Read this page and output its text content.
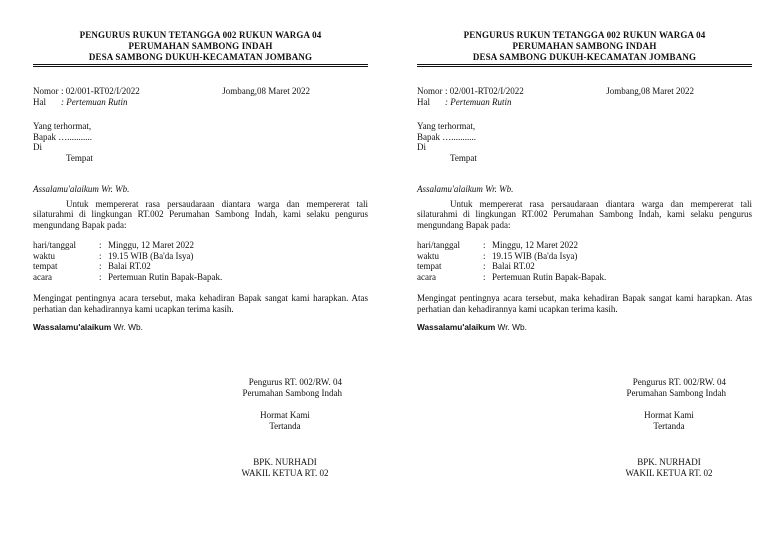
PENGURUS RUKUN TETANGGA 002 RUKUN WARGA 04
PERUMAHAN SAMBONG INDAH
DESA SAMBONG DUKUH-KECAMATAN JOMBANG
Nomor : 02/001-RT02/I/2022	Jombang,08 Maret 2022
Hal	: Pertemuan Rutin
Yang terhormat,
Bapak …...........
Di
Tempat
Assalamu'alaikum Wr. Wb.
Untuk mempererat rasa persaudaraan diantara warga dan mempererat tali silaturahmi di lingkungan RT.002 Perumahan Sambong Indah, kami selaku pengurus mengundang Bapak pada:
hari/tanggal	: Minggu, 12 Maret 2022
waktu	: 19.15 WIB (Ba'da Isya)
tempat	: Balai RT.02
acara	: Pertemuan Rutin Bapak-Bapak.
Mengingat pentingnya acara tersebut, maka kehadiran Bapak sangat kami harapkan. Atas perhatian dan kehadirannya kami ucapkan terima kasih.
Wassalamu'alaikum Wr. Wb.
Pengurus RT. 002/RW. 04
Perumahan Sambong Indah
Hormat Kami
Tertanda
BPK. NURHADI
WAKIL KETUA RT. 02
PENGURUS RUKUN TETANGGA 002 RUKUN WARGA 04
PERUMAHAN SAMBONG INDAH
DESA SAMBONG DUKUH-KECAMATAN JOMBANG
Nomor : 02/001-RT02/I/2022	Jombang,08 Maret 2022
Hal	: Pertemuan Rutin
Yang terhormat,
Bapak …...........
Di
Tempat
Assalamu'alaikum Wr. Wb.
Untuk mempererat rasa persaudaraan diantara warga dan mempererat tali silaturahmi di lingkungan RT.002 Perumahan Sambong Indah, kami selaku pengurus mengundang Bapak pada:
hari/tanggal	: Minggu, 12 Maret 2022
waktu	: 19.15 WIB (Ba'da Isya)
tempat	: Balai RT.02
acara	: Pertemuan Rutin Bapak-Bapak.
Mengingat pentingnya acara tersebut, maka kehadiran Bapak sangat kami harapkan. Atas perhatian dan kehadirannya kami ucapkan terima kasih.
Wassalamu'alaikum Wr. Wb.
Pengurus RT. 002/RW. 04
Perumahan Sambong Indah
Hormat Kami
Tertanda
BPK. NURHADI
WAKIL KETUA RT. 02
